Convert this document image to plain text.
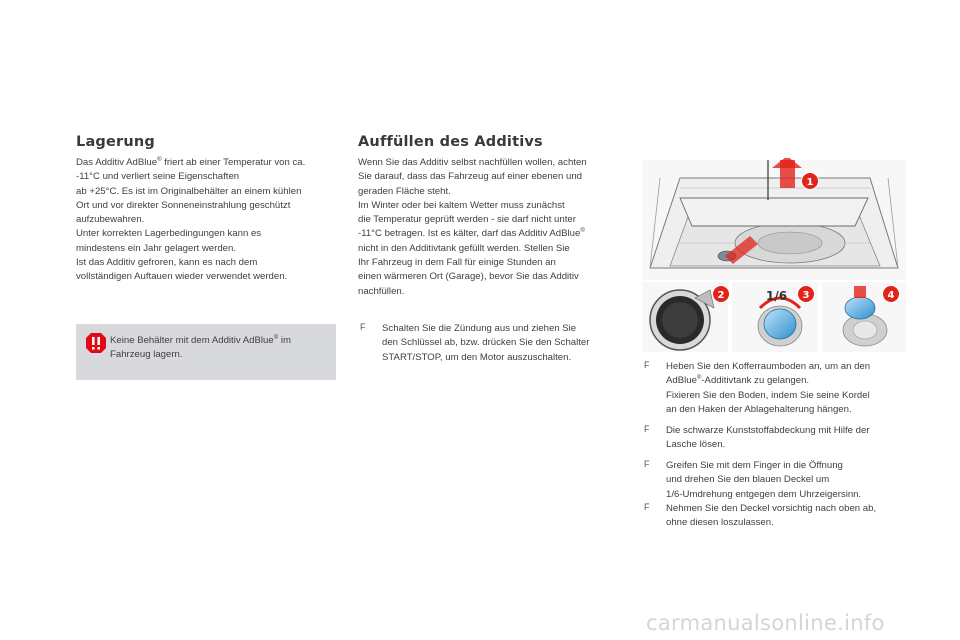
Lagerung
Das Additiv AdBlue® friert ab einer Temperatur von ca.
-11°C und verliert seine Eigenschaften
ab +25°C. Es ist im Originalbehälter an einem kühlen
Ort und vor direkter Sonneneinstrahlung geschützt
aufzubewahren.
Unter korrekten Lagerbedingungen kann es
mindestens ein Jahr gelagert werden.
Ist das Additiv gefroren, kann es nach dem
vollständigen Auftauen wieder verwendet werden.
Keine Behälter mit dem Additiv AdBlue® im
Fahrzeug lagern.
Auffüllen des Additivs
Wenn Sie das Additiv selbst nachfüllen wollen, achten
Sie darauf, dass das Fahrzeug auf einer ebenen und
geraden Fläche steht.
Im Winter oder bei kaltem Wetter muss zunächst
die Temperatur geprüft werden - sie darf nicht unter
-11°C betragen. Ist es kälter, darf das Additiv AdBlue®
nicht in den Additivtank gefüllt werden. Stellen Sie
Ihr Fahrzeug in dem Fall für einige Stunden an
einen wärmeren Ort (Garage), bevor Sie das Additiv
nachfüllen.
F Schalten Sie die Zündung aus und ziehen Sie
den Schlüssel ab, bzw. drücken Sie den Schalter
START/STOP, um den Motor auszuschalten.
1/6
1
2	3	4
F Heben Sie den Kofferraumboden an, um an den
AdBlue®-Additivtank zu gelangen.
Fixieren Sie den Boden, indem Sie seine Kordel
an den Haken der Ablagehalterung hängen.
F Die schwarze Kunststoffabdeckung mit Hilfe der
Lasche lösen.
F Greifen Sie mit dem Finger in die Öffnung
und drehen Sie den blauen Deckel um
1/6-Umdrehung entgegen dem Uhrzeigersinn.
F Nehmen Sie den Deckel vorsichtig nach oben ab,
ohne diesen loszulassen.
carmanualsonline.info
